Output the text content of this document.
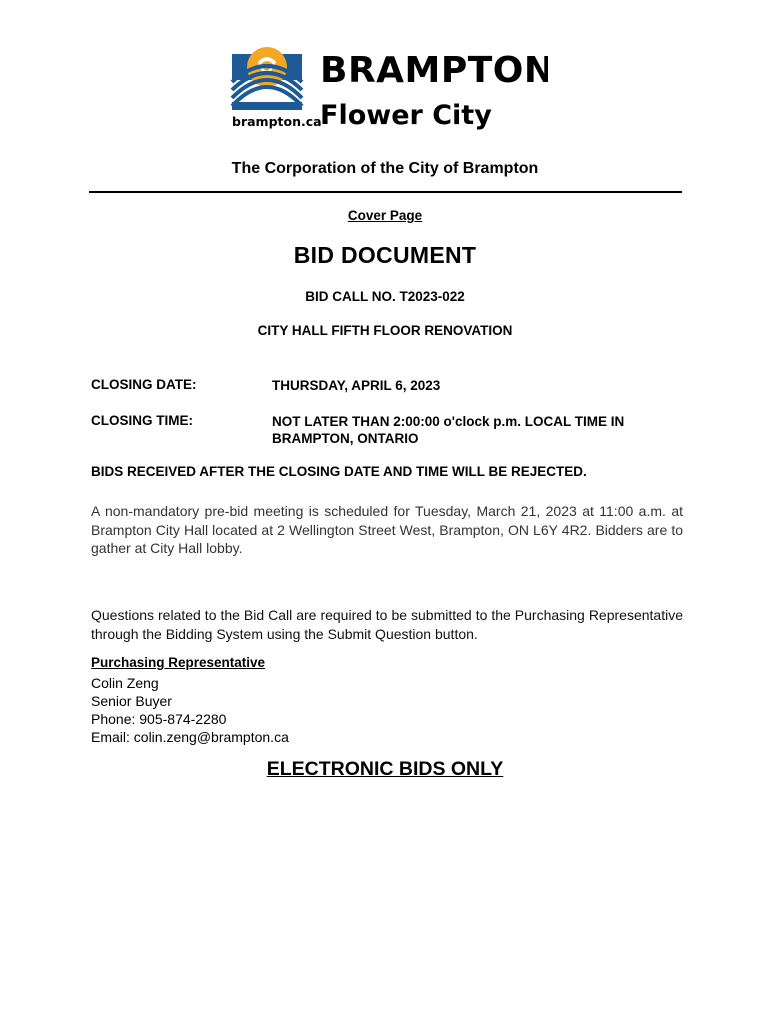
brampton.ca
BRAMPTON
Flower City
The Corporation of the City of Brampton
Cover Page
BID DOCUMENT
BID CALL NO. T2023-022
CITY HALL FIFTH FLOOR RENOVATION
CLOSING DATE:	THURSDAY, APRIL 6, 2023
CLOSING TIME:	NOT LATER THAN 2:00:00 o'clock p.m. LOCAL TIME IN BRAMPTON, ONTARIO
BIDS RECEIVED AFTER THE CLOSING DATE AND TIME WILL BE REJECTED.
A non-mandatory pre-bid meeting is scheduled for Tuesday, March 21, 2023 at 11:00 a.m. at Brampton City Hall located at 2 Wellington Street West, Brampton, ON L6Y 4R2. Bidders are to gather at City Hall lobby.
Questions related to the Bid Call are required to be submitted to the Purchasing Representative through the Bidding System using the Submit Question button.
Purchasing Representative
Colin Zeng
Senior Buyer
Phone: 905-874-2280
Email: colin.zeng@brampton.ca
ELECTRONIC BIDS ONLY
